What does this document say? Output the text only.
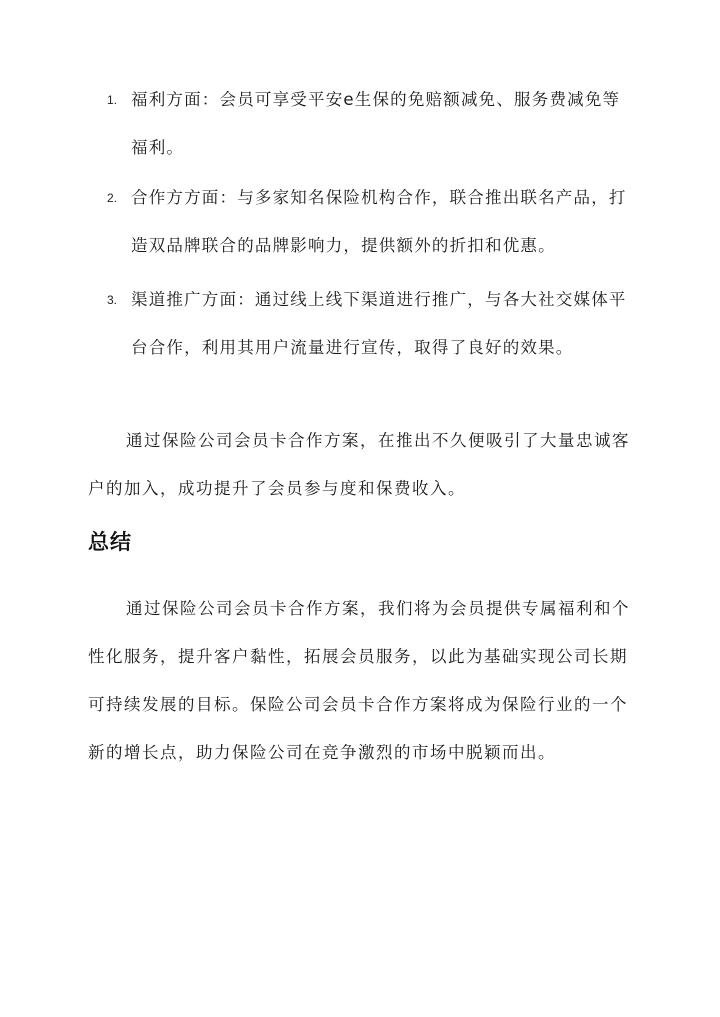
1. 福利方面：会员可享受平安e生保的免赔额减免、服务费减免等福利。
2. 合作方方面：与多家知名保险机构合作，联合推出联名产品，打造双品牌联合的品牌影响力，提供额外的折扣和优惠。
3. 渠道推广方面：通过线上线下渠道进行推广，与各大社交媒体平台合作，利用其用户流量进行宣传，取得了良好的效果。

通过保险公司会员卡合作方案，在推出不久便吸引了大量忠诚客户的加入，成功提升了会员参与度和保费收入。

总结

通过保险公司会员卡合作方案，我们将为会员提供专属福利和个性化服务，提升客户黏性，拓展会员服务，以此为基础实现公司长期可持续发展的目标。保险公司会员卡合作方案将成为保险行业的一个新的增长点，助力保险公司在竞争激烈的市场中脱颖而出。
